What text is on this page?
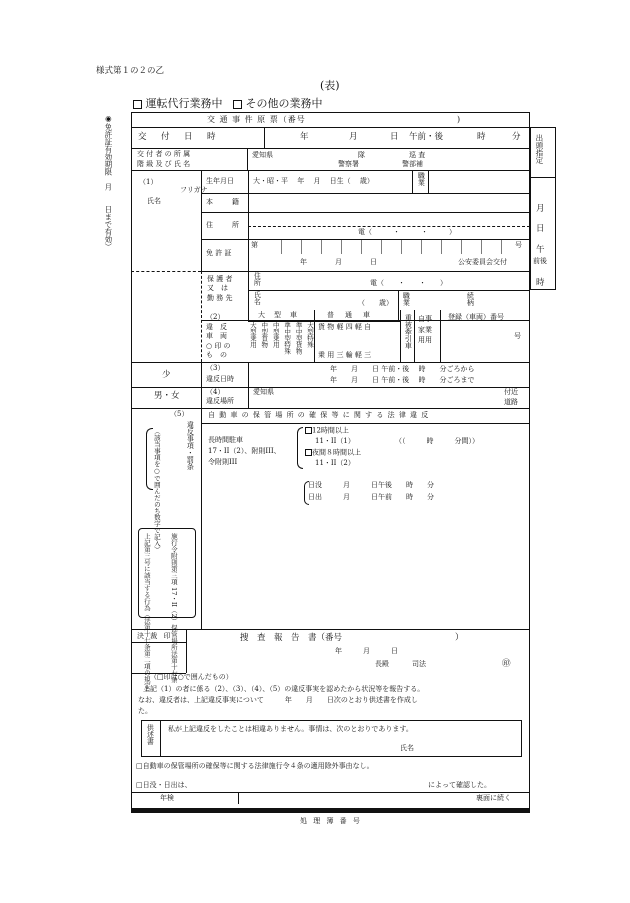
様式第１の２の乙
(表)
運転代行業務中 その他の業務中
◉免許証有効期限　月　　日まで有効）
交 通 事 件 原 票（番号	)
交　付　日　時	年	月	日 午前・後	時	分
交 付 者 の 所 属
階 級 及 び 氏 名
愛知県	隊	巡 査
警察署	警部補	出頭指定
月
日
午
前後
時
（1）
フリガナ
氏名
生年月日	大・昭・平　 年　 月　 日生（　 歳）	職業
本　籍
住　所
電（　　　・　　　・　　　）
免 許 証
第	号
年　　　　月　　　　日	公安委員会交付
保 護 者
又　は
勤 務 先
住所	電（　　・　　・　　）
氏名	（　　歳） 職業	続柄
（2）
違　反
車　両
○ 印 の
も　の
大　型　車
大型乗用 中型貨物 中型乗用 準中型特殊 準中型貨物 大型特殊
普　通　車
貨 物 軽 四 軽 自
乗 用 三 輪 軽 三
重被牽引車 自事
家業
用用
登録（車両）番号
号
少
（3）
違反日時
年　　月　　日 午前・後　 時　　分ごろから
年　　月　　日 午前・後　 時　　分ごろまで
男・女	（4）
違反場所
愛知県	付近
道路
（5）
違反事項・罰条
（該当事項を○で囲んだのち数字で記入）
施行令附則第三項 17・II（2）保管場所法第十七条
上記第三号に該当する行為（法第十七条第二項の規定）
自 動 車 の 保 管 場 所 の 確 保 等 に 関 す る 法 律 違 反
長時間駐車
17・II（2）、附則III、
令附則III
12時間以上
11・II（1）	（（　　　時　　　分間））
夜間８時間以上
11・II（2）
日没　　　月　　　日午後　　時　　分
日出　　　月　　　日午前　　時　　分
決 裁 印	捜　査　報　告　書（番号	）
年　　　月　　　日
長殿	司法	㊞
（□印は○で囲んだもの）
上記（1）の者に係る（2）、（3）、（4）、（5）の違反事実を認めたから状況等を報告する。
なお、違反者は、上記違反事実について　　　年　　月　　日次のとおり供述書を作成し
た。
供述書 私が上記違反をしたことは相違ありません。事情は、次のとおりであります。
氏名
□自動車の保管場所の確保等に関する法律施行令４条の適用除外事由なし。
□日没・日出は、	によって確認した。
年検	裏面に続く
処 理 簿 番 号
